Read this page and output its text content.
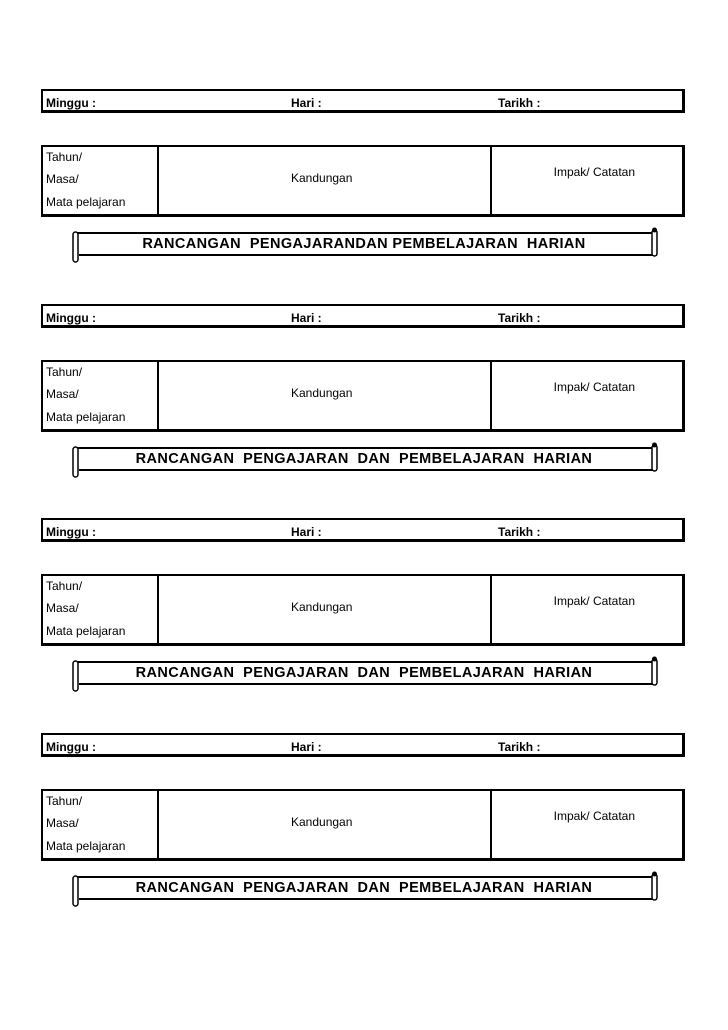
Minggu :	Hari :	Tarikh :
Tahun/
Masa/
Mata pelajaran
Kandungan	Impak/ Catatan
RANCANGAN  PENGAJARANDAN PEMBELAJARAN  HARIAN
Minggu :	Hari :	Tarikh :
Tahun/
Masa/
Mata pelajaran
Kandungan	Impak/ Catatan
RANCANGAN  PENGAJARAN  DAN  PEMBELAJARAN  HARIAN
Minggu :	Hari :	Tarikh :
Tahun/
Masa/
Mata pelajaran
Kandungan	Impak/ Catatan
RANCANGAN  PENGAJARAN  DAN  PEMBELAJARAN  HARIAN
Minggu :	Hari :	Tarikh :
Tahun/
Masa/
Mata pelajaran
Kandungan	Impak/ Catatan
RANCANGAN  PENGAJARAN  DAN  PEMBELAJARAN  HARIAN
